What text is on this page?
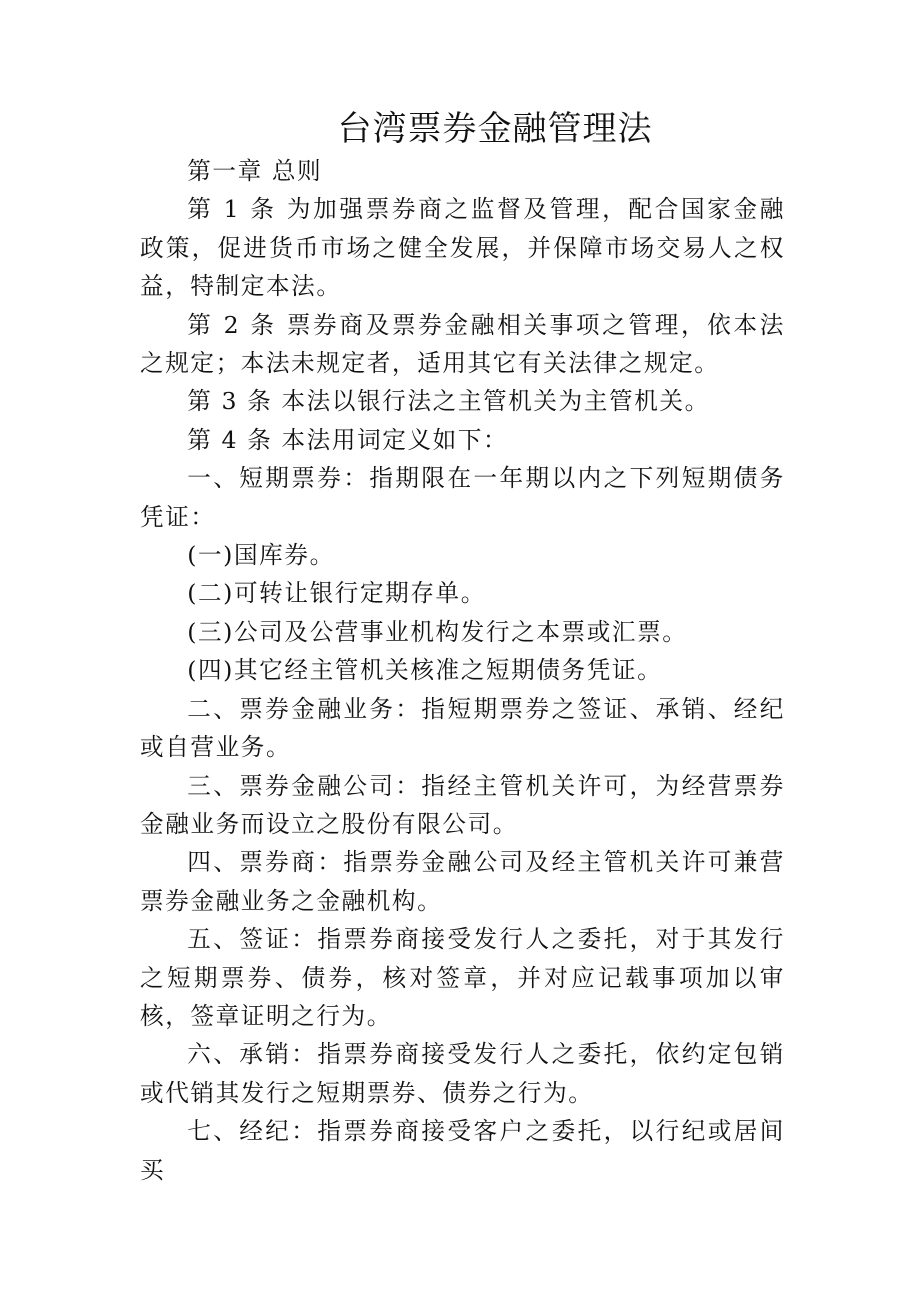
台湾票券金融管理法

第一章 总则

第 1 条 为加强票券商之监督及管理，配合国家金融政策，促进货币市场之健全发展，并保障市场交易人之权益，特制定本法。

第 2 条 票券商及票券金融相关事项之管理，依本法之规定；本法未规定者，适用其它有关法律之规定。

第 3 条 本法以银行法之主管机关为主管机关。

第 4 条 本法用词定义如下：

一、短期票券：指期限在一年期以内之下列短期债务凭证：

(一)国库券。

(二)可转让银行定期存单。

(三)公司及公营事业机构发行之本票或汇票。

(四)其它经主管机关核准之短期债务凭证。

二、票券金融业务：指短期票券之签证、承销、经纪或自营业务。

三、票券金融公司：指经主管机关许可，为经营票券金融业务而设立之股份有限公司。

四、票券商：指票券金融公司及经主管机关许可兼营票券金融业务之金融机构。

五、签证：指票券商接受发行人之委托，对于其发行之短期票券、债券，核对签章，并对应记载事项加以审核，签章证明之行为。

六、承销：指票券商接受发行人之委托，依约定包销或代销其发行之短期票券、债券之行为。

七、经纪：指票券商接受客户之委托，以行纪或居间买
